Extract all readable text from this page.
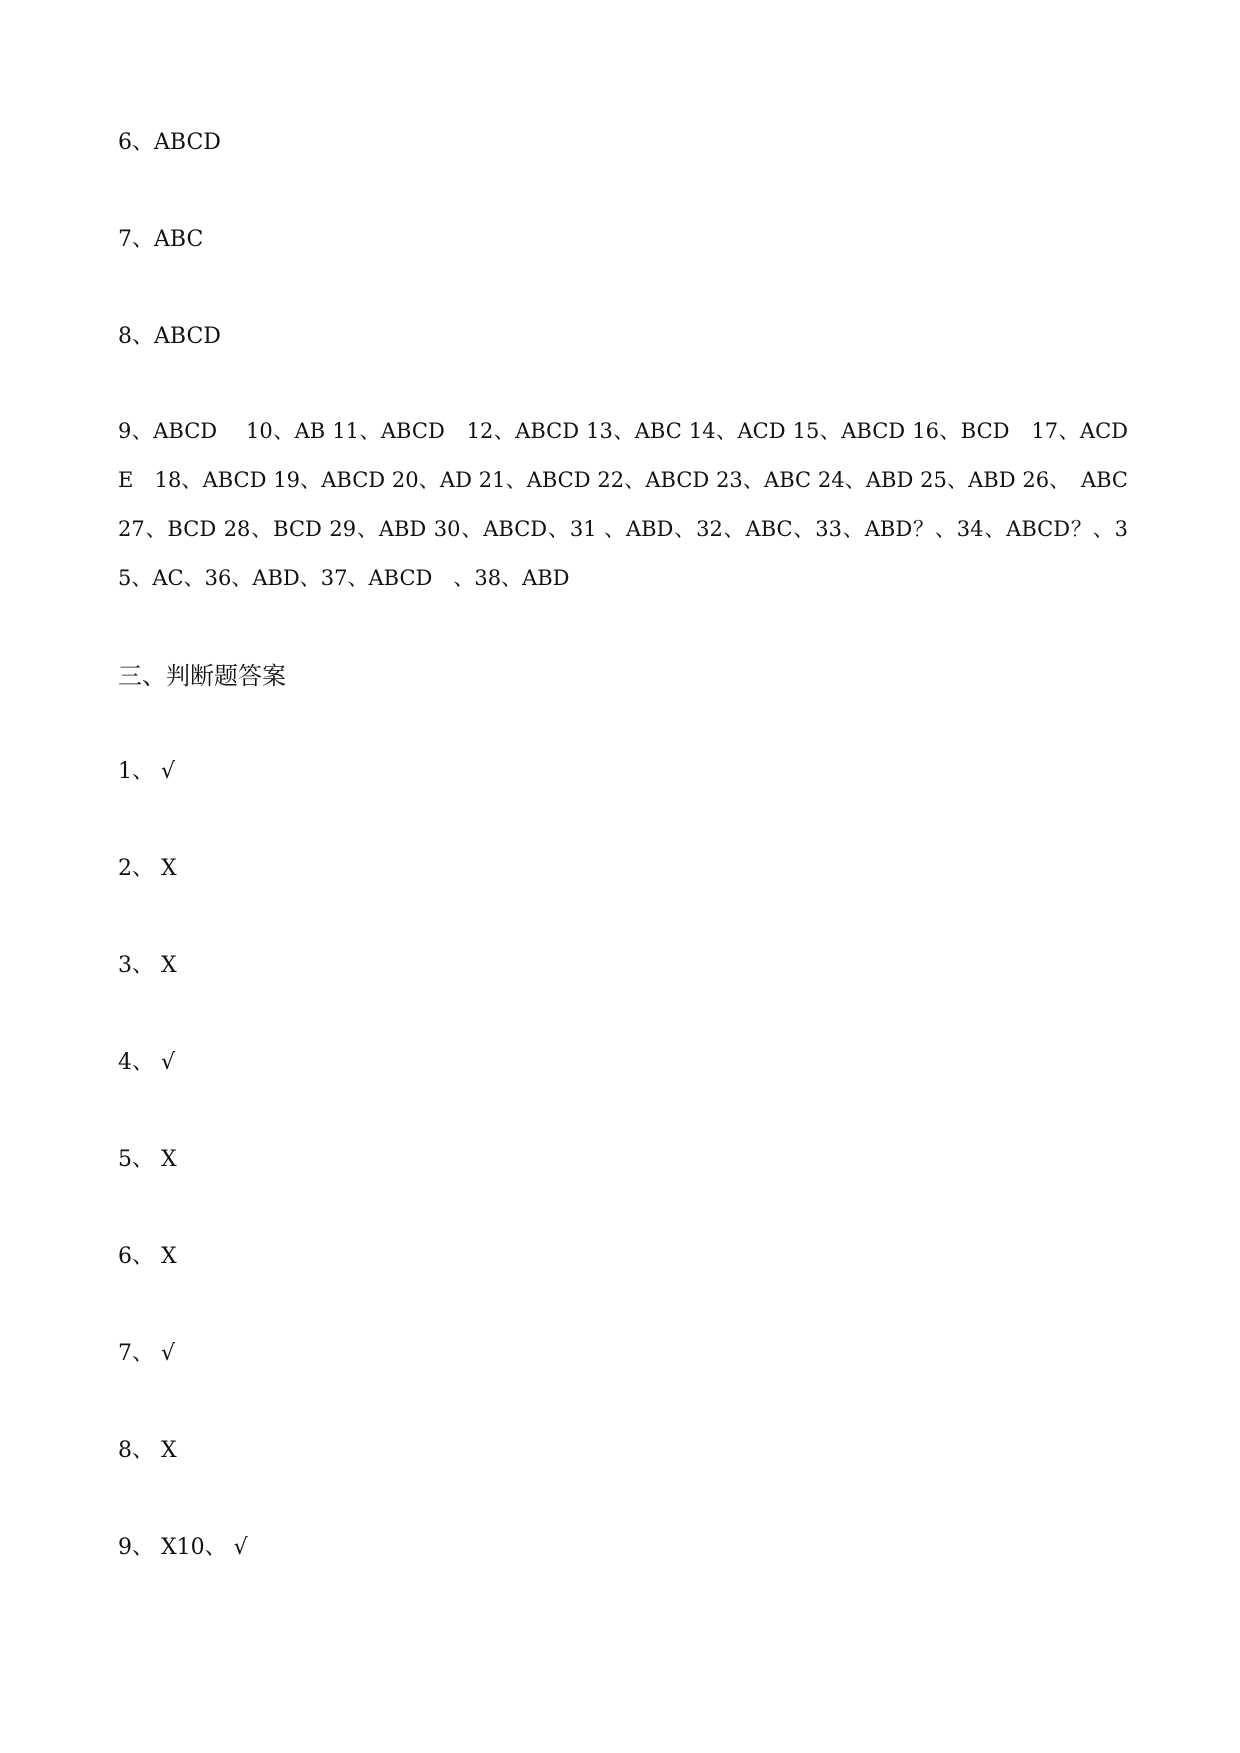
6、ABCD
7、ABC
8、ABCD
9、ABCD　 10、AB 11、ABCD　12、ABCD 13、ABC 14、ACD 15、ABCD 16、BCD　17、ACDE　18、ABCD 19、ABCD 20、AD 21、ABCD 22、ABCD 23、ABC 24、ABD 25、ABD 26、　ABC 27、BCD 28、BCD 29、ABD 30、ABCD、31 、ABD、32、ABC、33、ABD？、34、ABCD？、35、AC、36、ABD、37、ABCD　、38、ABD
三、判断题答案
1、 √
2、 X
3、 X
4、 √
5、 X
6、 X
7、 √
8、 X
9、 X10、 √
